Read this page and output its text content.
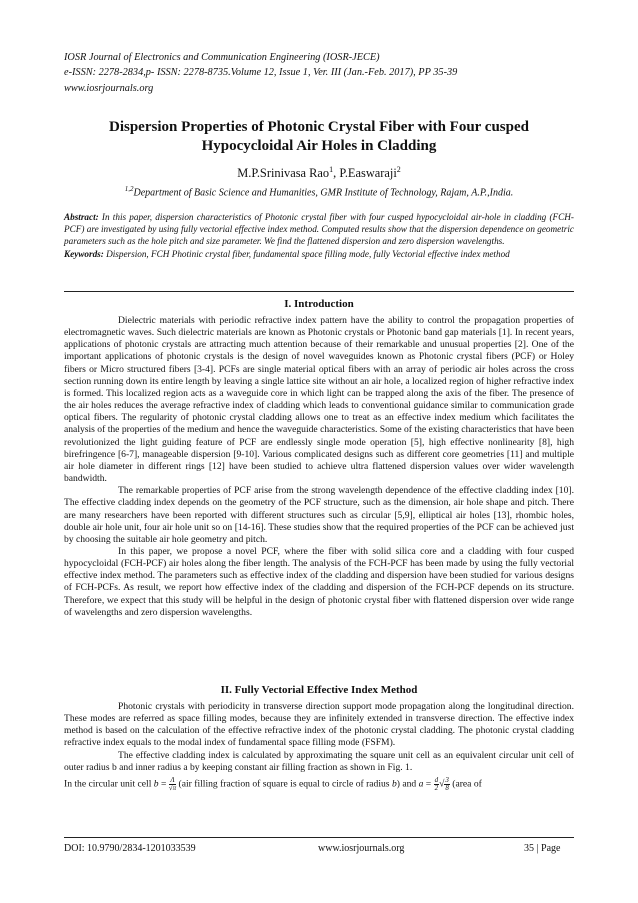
IOSR Journal of Electronics and Communication Engineering (IOSR-JECE)
e-ISSN: 2278-2834,p- ISSN: 2278-8735.Volume 12, Issue 1, Ver. III (Jan.-Feb. 2017), PP 35-39
www.iosrjournals.org
Dispersion Properties of Photonic Crystal Fiber with Four cusped Hypocycloidal Air Holes in Cladding
M.P.Srinivasa Rao$^1$, P.Easwaraji$^2$
$^{1,2}$Department of Basic Science and Humanities, GMR Institute of Technology, Rajam, A.P.,India.
Abstract: In this paper, dispersion characteristics of Photonic crystal fiber with four cusped hypocycloidal air-hole in cladding (FCH-PCF) are investigated by using fully vectorial effective index method. Computed results show that the dispersion dependence on geometric parameters such as the hole pitch and size parameter. We find the flattened dispersion and zero dispersion wavelengths.
Keywords: Dispersion, FCH Photinic crystal fiber, fundamental space filling mode, fully Vectorial effective index method
I. Introduction

Dielectric materials with periodic refractive index pattern have the ability to control the propagation properties of electromagnetic waves. Such dielectric materials are known as Photonic crystals or Photonic band gap materials [1]. In recent years, applications of photonic crystals are attracting much attention because of their remarkable and unusual properties [2]. One of the important applications of photonic crystals is the design of novel waveguides known as Photonic crystal fibers (PCF) or Holey fibers or Micro structured fibers [3-4]. PCFs are single material optical fibers with an array of periodic air holes across the cross section running down its entire length by leaving a single lattice site without an air hole, a localized region of higher refractive index is formed. This localized region acts as a waveguide core in which light can be trapped along the axis of the fiber. The presence of the air holes reduces the average refractive index of cladding which leads to conventional guidance similar to communication grade optical fibers. The regularity of photonic crystal cladding allows one to treat as an effective index medium which facilitates the analysis of the properties of the medium and hence the waveguide characteristics. Some of the existing characteristics that have been revolutionized the light guiding feature of PCF are endlessly single mode operation [5], high effective nonlinearity [8], high birefringence [6-7], manageable dispersion [9-10]. Various complicated designs such as different core geometries [11] and multiple air hole diameter in different rings [12] have been studied to achieve ultra flattened dispersion values over wider wavelength bandwidth.

The remarkable properties of PCF arise from the strong wavelength dependence of the effective cladding index [10]. The effective cladding index depends on the geometry of the PCF structure, such as the dimension, air hole shape and pitch. There are many researchers have been reported with different structures such as circular [5,9], elliptical air holes [13], rhombic holes, double air hole unit, four air hole unit so on [14-16]. These studies show that the required properties of the PCF can be achieved just by choosing the suitable air hole geometry and pitch.

In this paper, we propose a novel PCF, where the fiber with solid silica core and a cladding with four cusped hypocycloidal (FCH-PCF) air holes along the fiber length. The analysis of the FCH-PCF has been made by using the fully vectorial effective index method. The parameters such as effective index of the cladding and dispersion have been studied for various designs of FCH-PCFs. As result, we report how effective index of the cladding and dispersion of the FCH-PCF depends on its structure. Therefore, we expect that this study will be helpful in the design of photonic crystal fiber with flattened dispersion over wide range of wavelengths and zero dispersion wavelengths.

II. Fully Vectorial Effective Index Method

Photonic crystals with periodicity in transverse direction support mode propagation along the longitudinal direction. These modes are referred as space filling modes, because they are infinitely extended in transverse direction. The effective index method is based on the calculation of the effective refractive index of the photonic crystal cladding. The photonic crystal cladding refractive index equals to the modal index of fundamental space filling mode (FSFM).

The effective cladding index is calculated by approximating the square unit cell as an equivalent circular unit cell of outer radius b and inner radius a by keeping constant air filling fraction as shown in Fig. 1.

In the circular unit cell $b = \frac{\Lambda}{√\pi} (air$ filling fraction of square is equal to circle of radius b) and $a = \frac{d}{2}$ √ $\frac{3}{8}$ (area of
DOI: 10.9790/2834-1201033539	www.iosrjournals.org	35 | Page
